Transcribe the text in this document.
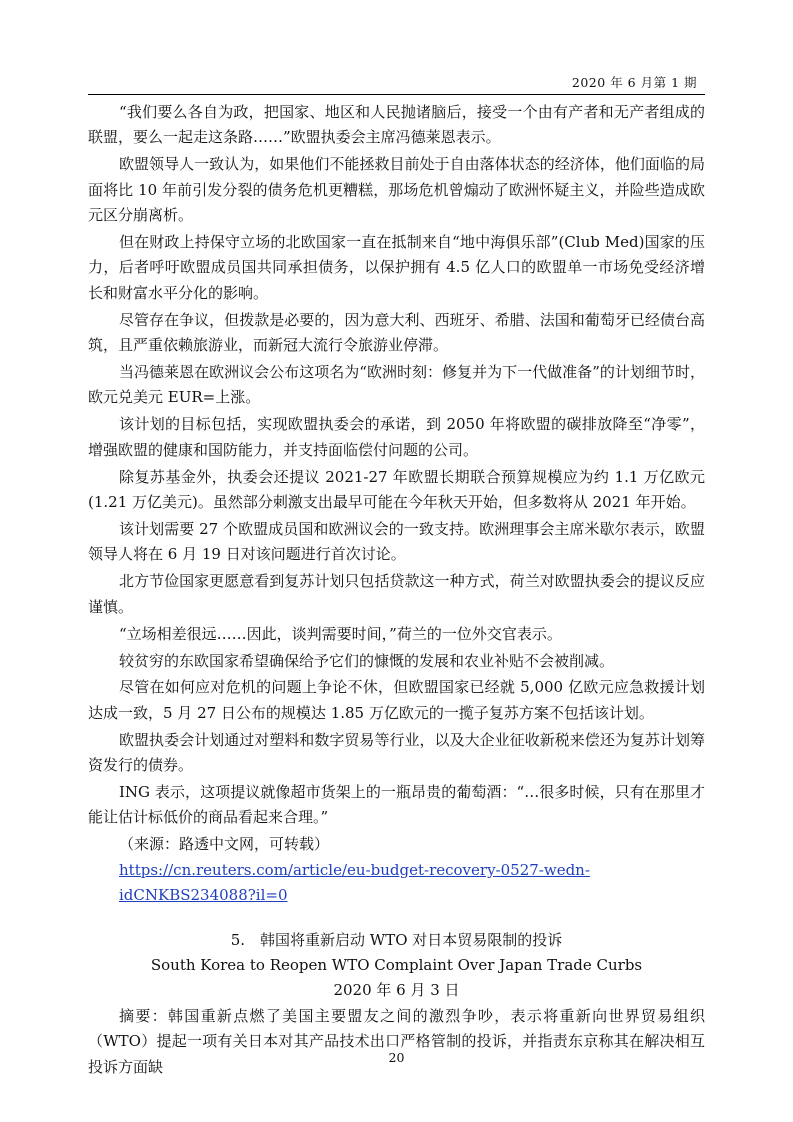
2020 年 6 月第 1 期

“我们要么各自为政，把国家、地区和人民抛诸脑后，接受一个由有产者和无产者组成的联盟，要么一起走这条路……”欧盟执委会主席冯德莱恩表示。

欧盟领导人一致认为，如果他们不能拯救目前处于自由落体状态的经济体，他们面临的局面将比 10 年前引发分裂的债务危机更糟糕，那场危机曾煽动了欧洲怀疑主义，并险些造成欧元区分崩离析。

但在财政上持保守立场的北欧国家一直在抵制来自“地中海俱乐部”(Club Med)国家的压力，后者呼吁欧盟成员国共同承担债务，以保护拥有 4.5 亿人口的欧盟单一市场免受经济增长和财富水平分化的影响。

尽管存在争议，但拨款是必要的，因为意大利、西班牙、希腊、法国和葡萄牙已经债台高筑，且严重依赖旅游业，而新冠大流行令旅游业停滞。

当冯德莱恩在欧洲议会公布这项名为“欧洲时刻：修复并为下一代做准备”的计划细节时，欧元兑美元 EUR=上涨。

该计划的目标包括，实现欧盟执委会的承诺，到 2050 年将欧盟的碳排放降至“净零”，增强欧盟的健康和国防能力，并支持面临偿付问题的公司。

除复苏基金外，执委会还提议 2021-27 年欧盟长期联合预算规模应为约 1.1 万亿欧元(1.21 万亿美元)。虽然部分刺激支出最早可能在今年秋天开始，但多数将从 2021 年开始。

该计划需要 27 个欧盟成员国和欧洲议会的一致支持。欧洲理事会主席米歇尔表示，欧盟领导人将在 6 月 19 日对该问题进行首次讨论。

北方节俭国家更愿意看到复苏计划只包括贷款这一种方式，荷兰对欧盟执委会的提议反应谨慎。

“立场相差很远……因此，谈判需要时间，”荷兰的一位外交官表示。

较贫穷的东欧国家希望确保给予它们的慷慨的发展和农业补贴不会被削减。

尽管在如何应对危机的问题上争论不休，但欧盟国家已经就 5,000 亿欧元应急救援计划达成一致，5 月 27 日公布的规模达 1.85 万亿欧元的一揽子复苏方案不包括该计划。

欧盟执委会计划通过对塑料和数字贸易等行业，以及大企业征收新税来偿还为复苏计划筹资发行的债券。

ING 表示，这项提议就像超市货架上的一瓶昂贵的葡萄酒：“…很多时候，只有在那里才能让估计标低价的商品看起来合理。”

（来源：路透中文网，可转载）

https://cn.reuters.com/article/eu-budget-recovery-0527-wedn-idCNKBS234088?il=0

5.　韩国将重新启动 WTO 对日本贸易限制的投诉

South Korea to Reopen WTO Complaint Over Japan Trade Curbs

2020 年 6 月 3 日

摘要：韩国重新点燃了美国主要盟友之间的激烈争吵，表示将重新向世界贸易组织（WTO）提起一项有关日本对其产品技术出口严格管制的投诉，并指责东京称其在解决相互投诉方面缺

20
